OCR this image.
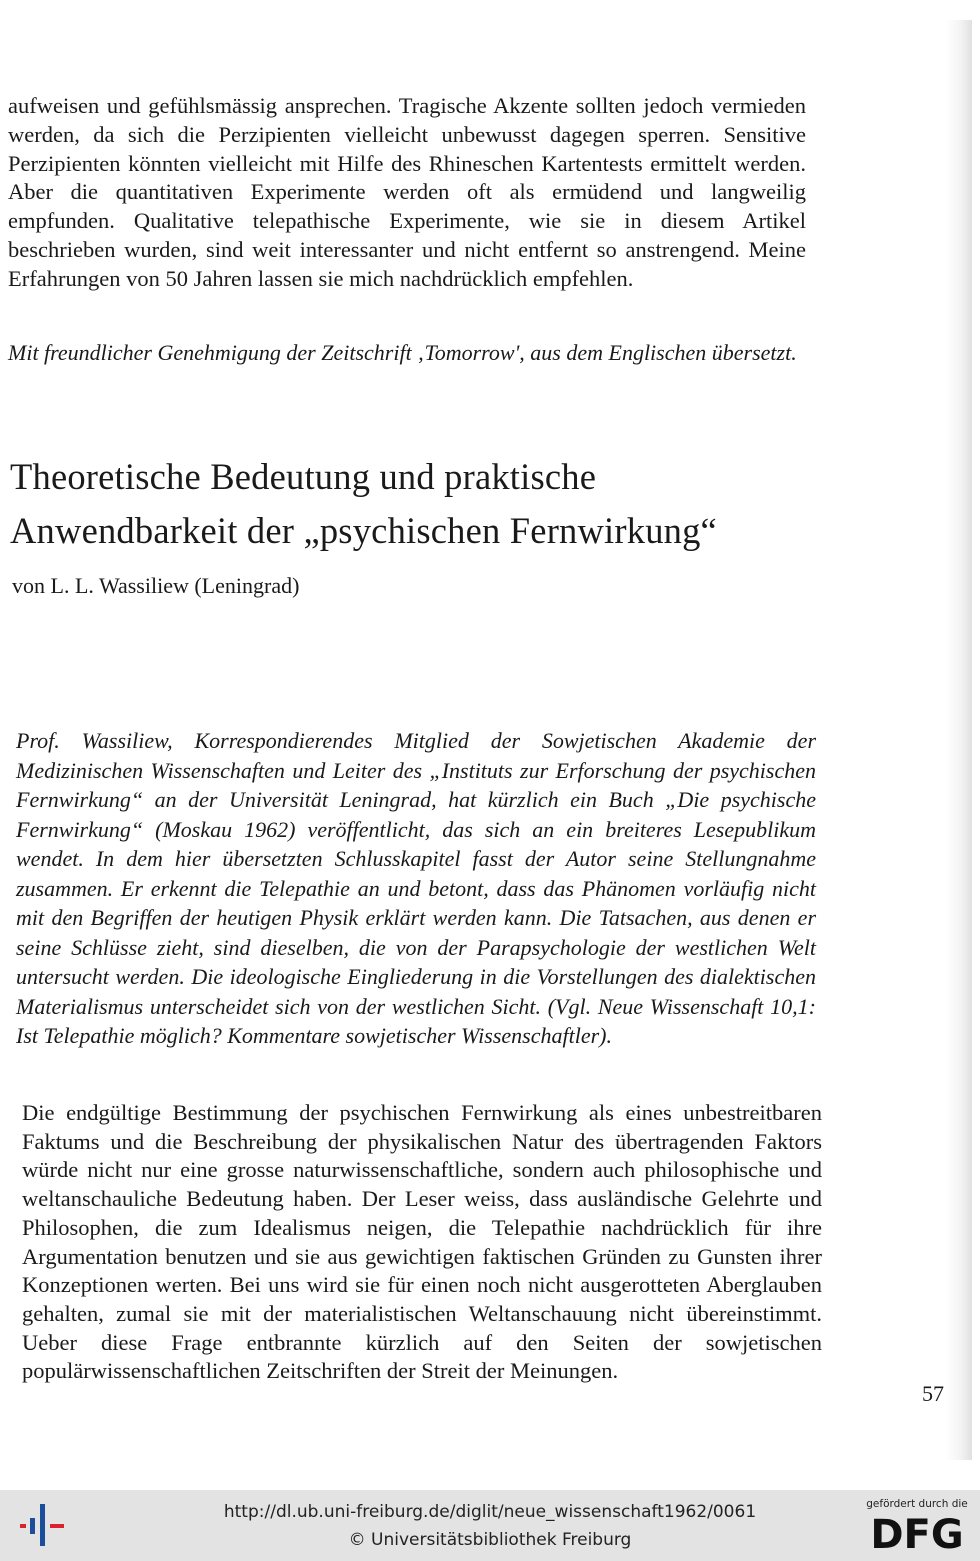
aufweisen und gefühlsmässig ansprechen. Tragische Akzente sollten jedoch vermieden werden, da sich die Perzipienten vielleicht unbewusst dagegen sperren. Sensitive Perzipienten könnten vielleicht mit Hilfe des Rhineschen Kartentests ermittelt werden. Aber die quantitativen Experimente werden oft als ermüdend und langweilig empfunden. Qualitative telepathische Experimente, wie sie in diesem Artikel beschrieben wurden, sind weit interessanter und nicht entfernt so anstrengend. Meine Erfahrungen von 50 Jahren lassen sie mich nachdrücklich empfehlen.

Mit freundlicher Genehmigung der Zeitschrift ‚Tomorrow', aus dem Englischen übersetzt.

Theoretische Bedeutung und praktische Anwendbarkeit der „psychischen Fernwirkung“

von L. L. Wassiliew (Leningrad)

Prof. Wassiliew, Korrespondierendes Mitglied der Sowjetischen Akademie der Medizinischen Wissenschaften und Leiter des „Instituts zur Erforschung der psychischen Fernwirkung“ an der Universität Leningrad, hat kürzlich ein Buch „Die psychische Fernwirkung“ (Moskau 1962) veröffentlicht, das sich an ein breiteres Lesepublikum wendet. In dem hier übersetzten Schlusskapitel fasst der Autor seine Stellungnahme zusammen. Er erkennt die Telepathie an und betont, dass das Phänomen vorläufig nicht mit den Begriffen der heutigen Physik erklärt werden kann. Die Tatsachen, aus denen er seine Schlüsse zieht, sind dieselben, die von der Parapsychologie der westlichen Welt untersucht werden. Die ideologische Eingliederung in die Vorstellungen des dialektischen Materialismus unterscheidet sich von der westlichen Sicht. (Vgl. Neue Wissenschaft 10,1: Ist Telepathie möglich? Kommentare sowjetischer Wissenschaftler).

Die endgültige Bestimmung der psychischen Fernwirkung als eines unbestreitbaren Faktums und die Beschreibung der physikalischen Natur des übertragenden Faktors würde nicht nur eine grosse naturwissenschaftliche, sondern auch philosophische und weltanschauliche Bedeutung haben. Der Leser weiss, dass ausländische Gelehrte und Philosophen, die zum Idealismus neigen, die Telepathie nachdrücklich für ihre Argumentation benutzen und sie aus gewichtigen faktischen Gründen zu Gunsten ihrer Konzeptionen werten. Bei uns wird sie für einen noch nicht ausgerotteten Aberglauben gehalten, zumal sie mit der materialistischen Weltanschauung nicht übereinstimmt. Ueber diese Frage entbrannte kürzlich auf den Seiten der sowjetischen populärwissenschaftlichen Zeitschriften der Streit der Meinungen.

57
http://dl.ub.uni-freiburg.de/diglit/neue_wissenschaft1962/0061
© Universitätsbibliothek Freiburg
gefördert durch die
DFG
